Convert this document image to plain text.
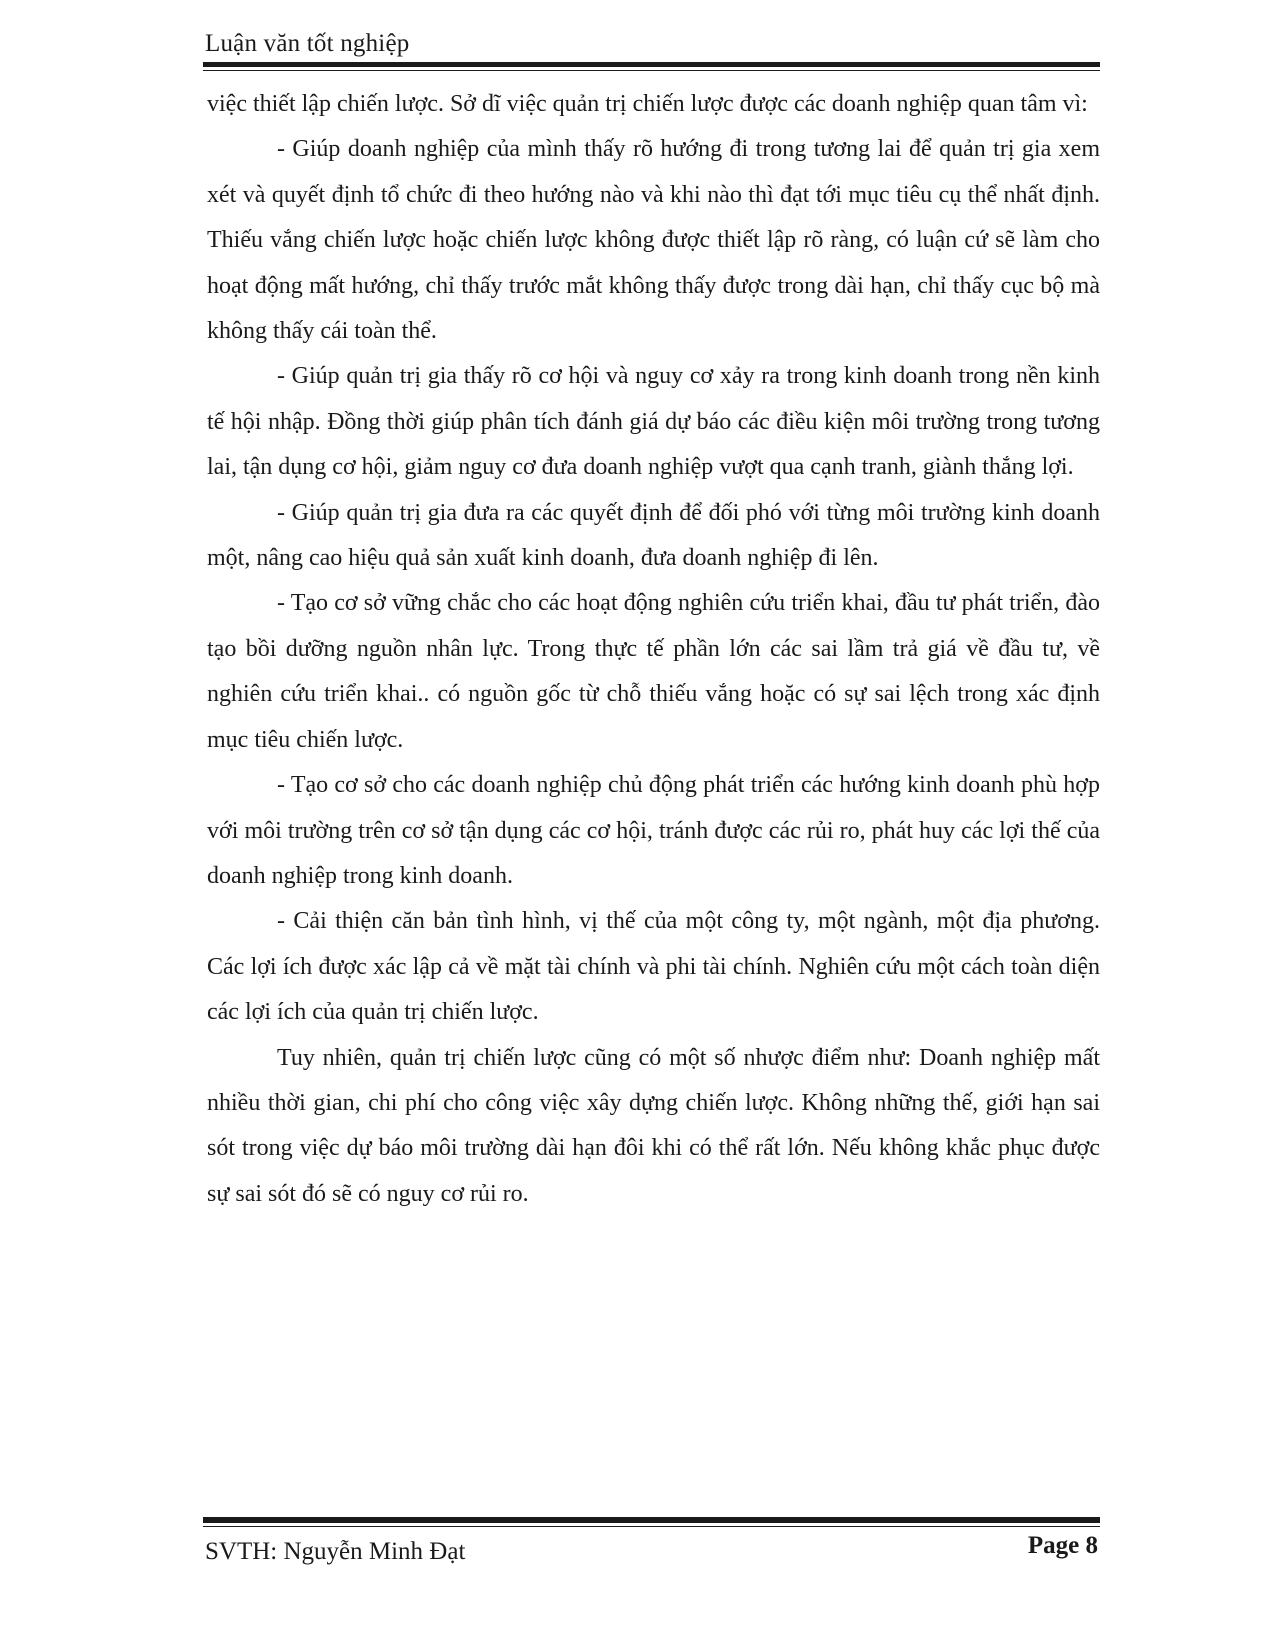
Luận văn tốt nghiệp

việc thiết lập chiến lược. Sở dĩ việc quản trị chiến lược được các doanh nghiệp quan tâm vì:

- Giúp doanh nghiệp của mình thấy rõ hướng đi trong tương lai để quản trị gia xem xét và quyết định tổ chức đi theo hướng nào và khi nào thì đạt tới mục tiêu cụ thể nhất định. Thiếu vắng chiến lược hoặc chiến lược không được thiết lập rõ ràng, có luận cứ sẽ làm cho hoạt động mất hướng, chỉ thấy trước mắt không thấy được trong dài hạn, chỉ thấy cục bộ mà không thấy cái toàn thể.

- Giúp quản trị gia thấy rõ cơ hội và nguy cơ xảy ra trong kinh doanh trong nền kinh tế hội nhập. Đồng thời giúp phân tích đánh giá dự báo các điều kiện môi trường trong tương lai, tận dụng cơ hội, giảm nguy cơ đưa doanh nghiệp vượt qua cạnh tranh, giành thắng lợi.

- Giúp quản trị gia đưa ra các quyết định để đối phó với từng môi trường kinh doanh một, nâng cao hiệu quả sản xuất kinh doanh, đưa doanh nghiệp đi lên.

- Tạo cơ sở vững chắc cho các hoạt động nghiên cứu triển khai, đầu tư phát triển, đào tạo bồi dưỡng nguồn nhân lực. Trong thực tế phần lớn các sai lầm trả giá về đầu tư, về nghiên cứu triển khai.. có nguồn gốc từ chỗ thiếu vắng hoặc có sự sai lệch trong xác định mục tiêu chiến lược.

- Tạo cơ sở cho các doanh nghiệp chủ động phát triển các hướng kinh doanh phù hợp với môi trường trên cơ sở tận dụng các cơ hội, tránh được các rủi ro, phát huy các lợi thế của doanh nghiệp trong kinh doanh.

- Cải thiện căn bản tình hình, vị thế của một công ty, một ngành, một địa phương. Các lợi ích được xác lập cả về mặt tài chính và phi tài chính. Nghiên cứu một cách toàn diện các lợi ích của quản trị chiến lược.

Tuy nhiên, quản trị chiến lược cũng có một số nhược điểm như: Doanh nghiệp mất nhiều thời gian, chi phí cho công việc xây dựng chiến lược. Không những thế, giới hạn sai sót trong việc dự báo môi trường dài hạn đôi khi có thể rất lớn. Nếu không khắc phục được sự sai sót đó sẽ có nguy cơ rủi ro.

SVTH: Nguyễn Minh Đạt	Page 8
